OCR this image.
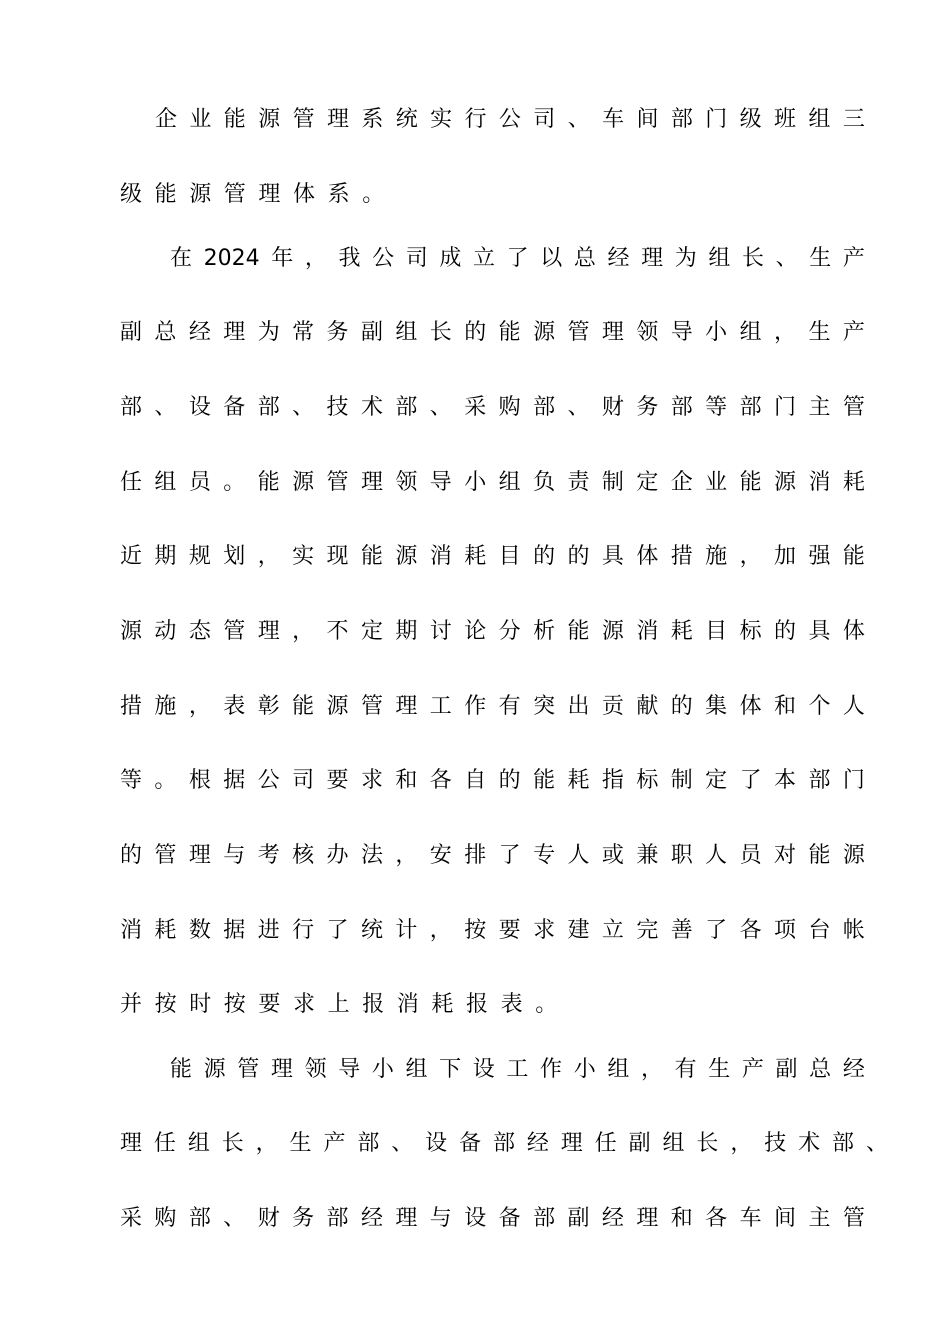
企 业 能 源 管 理 系 统 实 行 公 司 、 车 间 部 门 级 班 组 三
级能源管理体系。
在 2024 年 ， 我 公 司 成 立 了 以 总 经 理 为 组 长 、 生 产
副 总 经 理 为 常 务 副 组 长 的 能 源 管 理 领 导 小 组 ， 生 产
部 、 设 备 部 、 技 术 部 、 采 购 部 、 财 务 部 等 部 门 主 管
任 组 员 。 能 源 管 理 领 导 小 组 负 责 制 定 企 业 能 源 消 耗
近 期 规 划 ， 实 现 能 源 消 耗 目 的 的 具 体 措 施 ， 加 强 能
源 动 态 管 理 ， 不 定 期 讨 论 分 析 能 源 消 耗 目 标 的 具 体
措 施 ， 表 彰 能 源 管 理 工 作 有 突 出 贡 献 的 集 体 和 个 人
等 。 根 据 公 司 要 求 和 各 自 的 能 耗 指 标 制 定 了 本 部 门
的 管 理 与 考 核 办 法 ， 安 排 了 专 人 或 兼 职 人 员 对 能 源
消 耗 数 据 进 行 了 统 计 ， 按 要 求 建 立 完 善 了 各 项 台 帐
并按时按要求上报消耗报表。
能 源 管 理 领 导 小 组 下 设 工 作 小 组 ， 有 生 产 副 总 经
理 任 组 长 ， 生 产 部 、 设 备 部 经 理 任 副 组 长 ， 技 术 部 、
采 购 部 、 财 务 部 经 理 与 设 备 部 副 经 理 和 各 车 间 主 管
